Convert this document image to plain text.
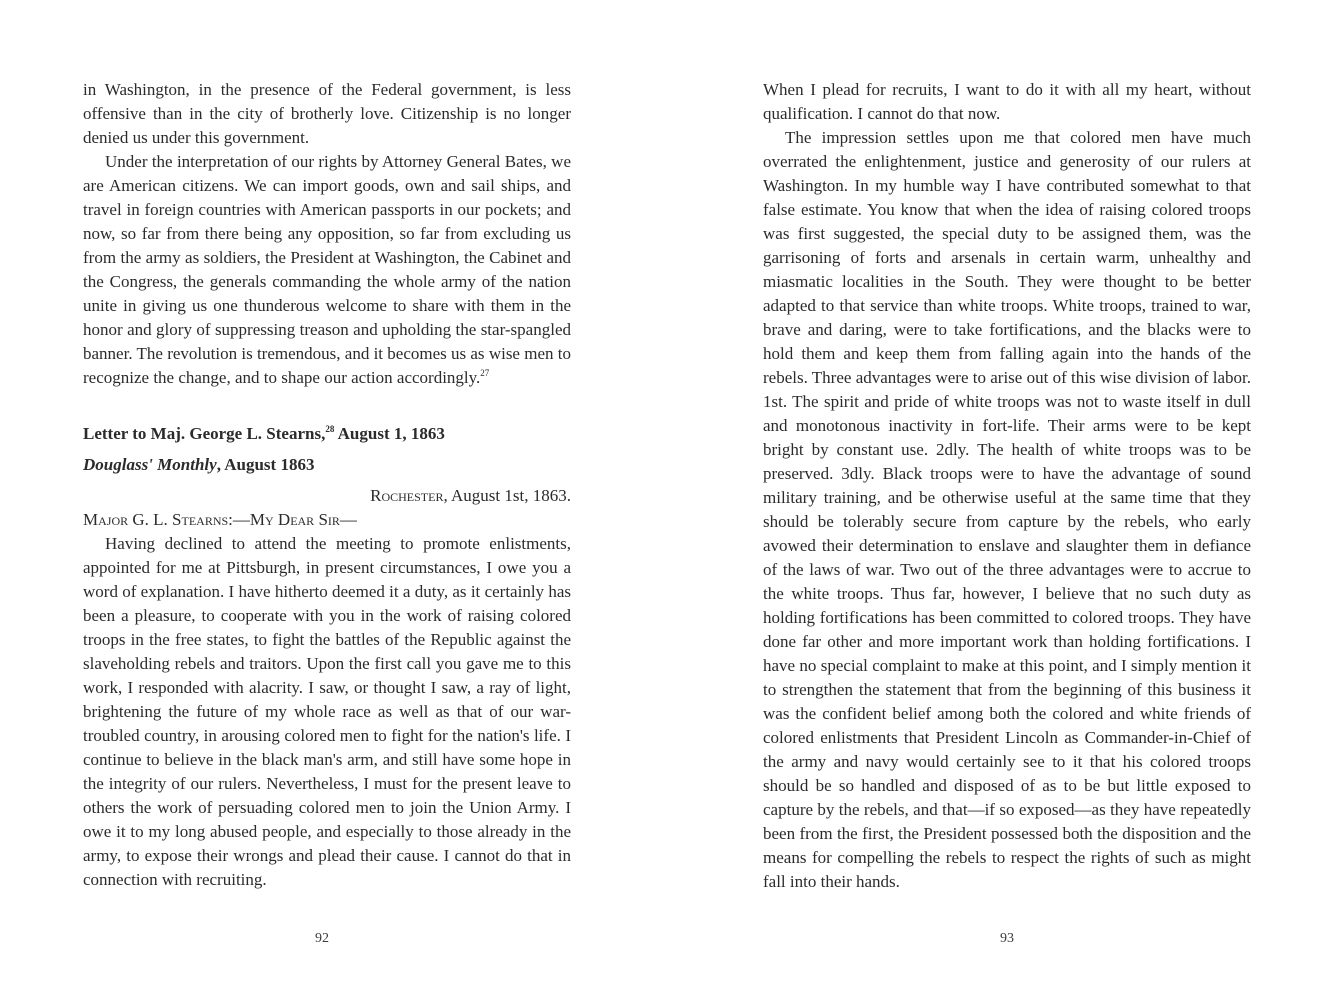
in Washington, in the presence of the Federal government, is less offensive than in the city of brotherly love. Citizenship is no longer denied us under this government.

Under the interpretation of our rights by Attorney General Bates, we are American citizens. We can import goods, own and sail ships, and travel in foreign countries with American passports in our pockets; and now, so far from there being any opposition, so far from excluding us from the army as soldiers, the President at Washington, the Cabinet and the Congress, the generals commanding the whole army of the nation unite in giving us one thunderous welcome to share with them in the honor and glory of suppressing treason and upholding the star-spangled banner. The revolution is tremendous, and it becomes us as wise men to recognize the change, and to shape our action accordingly.$^{27}$

Letter to Maj. George L. Stearns,$^{28}$ August 1, 1863

Douglass' Monthly, August 1863

Rochester, August 1st, 1863.

Major G. L. Stearns:—My Dear Sir—

Having declined to attend the meeting to promote enlistments, appointed for me at Pittsburgh, in present circumstances, I owe you a word of explanation. I have hitherto deemed it a duty, as it certainly has been a pleasure, to cooperate with you in the work of raising colored troops in the free states, to fight the battles of the Republic against the slaveholding rebels and traitors. Upon the first call you gave me to this work, I responded with alacrity. I saw, or thought I saw, a ray of light, brightening the future of my whole race as well as that of our war-troubled country, in arousing colored men to fight for the nation's life. I continue to believe in the black man's arm, and still have some hope in the integrity of our rulers. Nevertheless, I must for the present leave to others the work of persuading colored men to join the Union Army. I owe it to my long abused people, and especially to those already in the army, to expose their wrongs and plead their cause. I cannot do that in connection with recruiting.

92

When I plead for recruits, I want to do it with all my heart, without qualification. I cannot do that now.

The impression settles upon me that colored men have much overrated the enlightenment, justice and generosity of our rulers at Washington. In my humble way I have contributed somewhat to that false estimate. You know that when the idea of raising colored troops was first suggested, the special duty to be assigned them, was the garrisoning of forts and arsenals in certain warm, unhealthy and miasmatic localities in the South. They were thought to be better adapted to that service than white troops. White troops, trained to war, brave and daring, were to take fortifications, and the blacks were to hold them and keep them from falling again into the hands of the rebels. Three advantages were to arise out of this wise division of labor. 1st. The spirit and pride of white troops was not to waste itself in dull and monotonous inactivity in fort-life. Their arms were to be kept bright by constant use. 2dly. The health of white troops was to be preserved. 3dly. Black troops were to have the advantage of sound military training, and be otherwise useful at the same time that they should be tolerably secure from capture by the rebels, who early avowed their determination to enslave and slaughter them in defiance of the laws of war. Two out of the three advantages were to accrue to the white troops. Thus far, however, I believe that no such duty as holding fortifications has been committed to colored troops. They have done far other and more important work than holding fortifications. I have no special complaint to make at this point, and I simply mention it to strengthen the statement that from the beginning of this business it was the confident belief among both the colored and white friends of colored enlistments that President Lincoln as Commander-in-Chief of the army and navy would certainly see to it that his colored troops should be so handled and disposed of as to be but little exposed to capture by the rebels, and that—if so exposed—as they have repeatedly been from the first, the President possessed both the disposition and the means for compelling the rebels to respect the rights of such as might fall into their hands.

93
